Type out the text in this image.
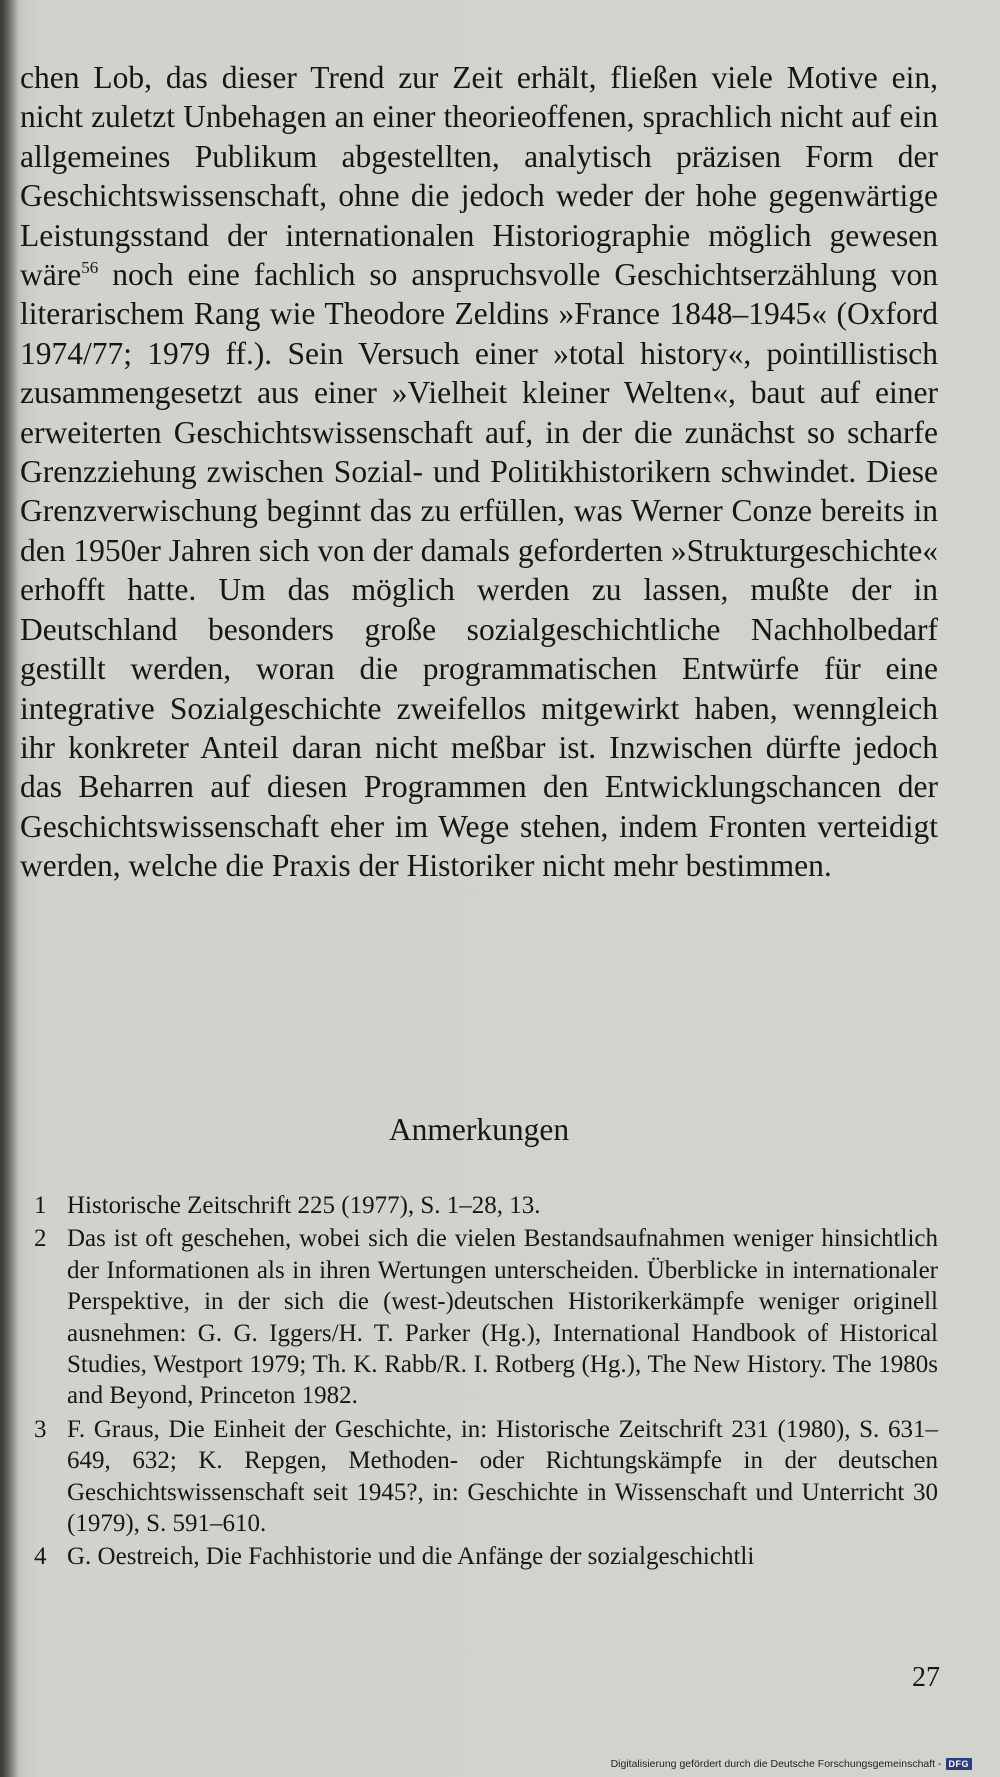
chen Lob, das dieser Trend zur Zeit erhält, fließen viele Motive ein, nicht zuletzt Unbehagen an einer theorieoffenen, sprachlich nicht auf ein allgemeines Publikum abgestellten, analytisch präzisen Form der Geschichtswissenschaft, ohne die jedoch weder der hohe gegenwärtige Leistungsstand der internationalen Historiographie möglich gewesen wäre$^{56}$ noch eine fachlich so anspruchsvolle Geschichtserzählung von literarischem Rang wie Theodore Zeldins »France 1848–1945« (Oxford 1974/77; 1979 ff.). Sein Versuch einer »total history«, pointillistisch zusammengesetzt aus einer »Vielheit kleiner Welten«, baut auf einer erweiterten Geschichtswissenschaft auf, in der die zunächst so scharfe Grenzziehung zwischen Sozial- und Politikhistorikern schwindet. Diese Grenzverwischung beginnt das zu erfüllen, was Werner Conze bereits in den 1950er Jahren sich von der damals geforderten »Strukturgeschichte« erhofft hatte. Um das möglich werden zu lassen, mußte der in Deutschland besonders große sozialgeschichtliche Nachholbedarf gestillt werden, woran die programmatischen Entwürfe für eine integrative Sozialgeschichte zweifellos mitgewirkt haben, wenngleich ihr konkreter Anteil daran nicht meßbar ist. Inzwischen dürfte jedoch das Beharren auf diesen Programmen den Entwicklungschancen der Geschichtswissenschaft eher im Wege stehen, indem Fronten verteidigt werden, welche die Praxis der Historiker nicht mehr bestimmen.
Anmerkungen
1 Historische Zeitschrift 225 (1977), S. 1–28, 13.
2 Das ist oft geschehen, wobei sich die vielen Bestandsaufnahmen weniger hinsichtlich der Informationen als in ihren Wertungen unterscheiden. Überblicke in internationaler Perspektive, in der sich die (west-)deutschen Historikerkämpfe weniger originell ausnehmen: G. G. Iggers/H. T. Parker (Hg.), International Handbook of Historical Studies, Westport 1979; Th. K. Rabb/R. I. Rotberg (Hg.), The New History. The 1980s and Beyond, Princeton 1982.
3 F. Graus, Die Einheit der Geschichte, in: Historische Zeitschrift 231 (1980), S. 631–649, 632; K. Repgen, Methoden- oder Richtungskämpfe in der deutschen Geschichtswissenschaft seit 1945?, in: Geschichte in Wissenschaft und Unterricht 30 (1979), S. 591–610.
4 G. Oestreich, Die Fachhistorie und die Anfänge der sozialgeschichtli
27
Digitalisierung gefördert durch die Deutsche Forschungsgemeinschaft - DFG
